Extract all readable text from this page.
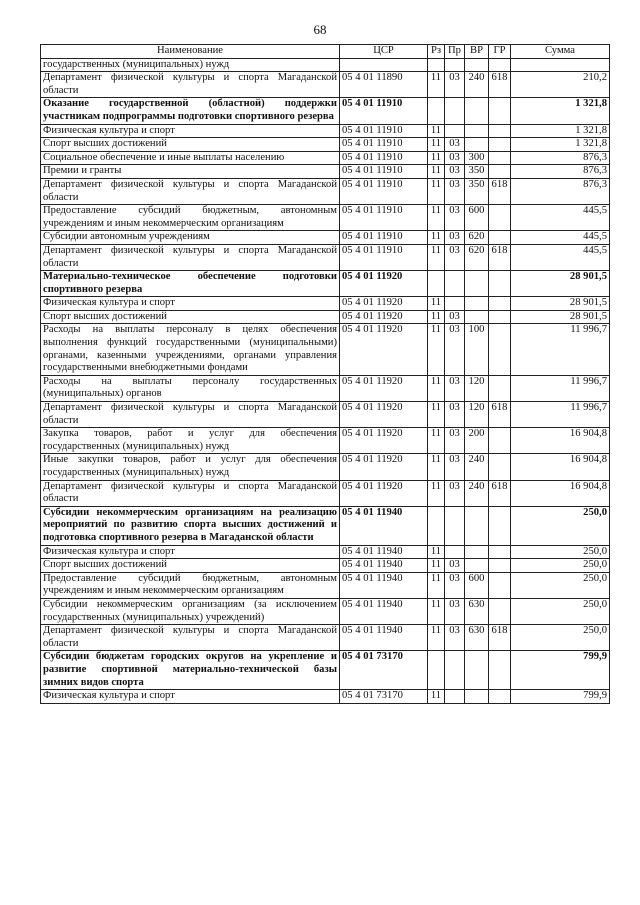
68
Наименование	ЦСР	Рз	Пр	ВР	ГР	Сумма
государственных (муниципальных) нужд						
Департамент физической культуры и спорта Магаданской области	05 4 01 11890	11	03	240	618	210,2
Оказание государственной (областной) поддержки участникам подпрограммы подготовки спортивного резерва	05 4 01 11910					1 321,8
Физическая культура и спорт	05 4 01 11910	11				1 321,8
Спорт высших достижений	05 4 01 11910	11	03			1 321,8
Социальное обеспечение и иные выплаты населению	05 4 01 11910	11	03	300		876,3
Премии и гранты	05 4 01 11910	11	03	350		876,3
Департамент физической культуры и спорта Магаданской области	05 4 01 11910	11	03	350	618	876,3
Предоставление субсидий бюджетным, автономным учреждениям и иным некоммерческим организациям	05 4 01 11910	11	03	600		445,5
Субсидии автономным учреждениям	05 4 01 11910	11	03	620		445,5
Департамент физической культуры и спорта Магаданской области	05 4 01 11910	11	03	620	618	445,5
Материально-техническое обеспечение подготовки спортивного резерва	05 4 01 11920					28 901,5
Физическая культура и спорт	05 4 01 11920	11				28 901,5
Спорт высших достижений	05 4 01 11920	11	03			28 901,5
Расходы на выплаты персоналу в целях обеспечения выполнения функций государственными (муниципальными) органами, казенными учреждениями, органами управления государственными внебюджетными фондами	05 4 01 11920	11	03	100		11 996,7
Расходы на выплаты персоналу государственных (муниципальных) органов	05 4 01 11920	11	03	120		11 996,7
Департамент физической культуры и спорта Магаданской области	05 4 01 11920	11	03	120	618	11 996,7
Закупка товаров, работ и услуг для обеспечения государственных (муниципальных) нужд	05 4 01 11920	11	03	200		16 904,8
Иные закупки товаров, работ и услуг для обеспечения государственных (муниципальных) нужд	05 4 01 11920	11	03	240		16 904,8
Департамент физической культуры и спорта Магаданской области	05 4 01 11920	11	03	240	618	16 904,8
Субсидии некоммерческим организациям на реализацию мероприятий по развитию спорта высших достижений и подготовка спортивного резерва в Магаданской области	05 4 01 11940					250,0
Физическая культура и спорт	05 4 01 11940	11				250,0
Спорт высших достижений	05 4 01 11940	11	03			250,0
Предоставление субсидий бюджетным, автономным учреждениям и иным некоммерческим организациям	05 4 01 11940	11	03	600		250,0
Субсидии некоммерческим организациям (за исключением государственных (муниципальных) учреждений)	05 4 01 11940	11	03	630		250,0
Департамент физической культуры и спорта Магаданской области	05 4 01 11940	11	03	630	618	250,0
Субсидии бюджетам городских округов на укрепление и развитие спортивной материально-технической базы зимних видов спорта	05 4 01 73170					799,9
Физическая культура и спорт	05 4 01 73170	11				799,9
